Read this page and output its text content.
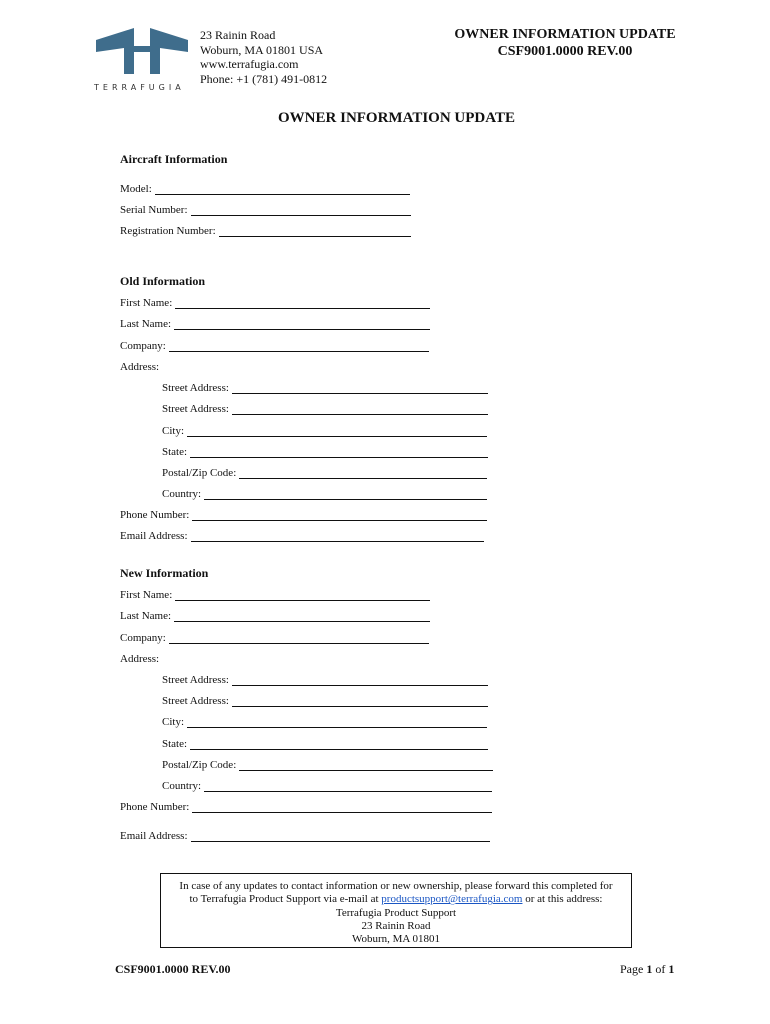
TERRAFUGIA
23 Rainin Road
Woburn, MA 01801 USA
www.terrafugia.com
Phone: +1 (781) 491-0812
OWNER INFORMATION UPDATE
CSF9001.0000 REV.00
OWNER INFORMATION UPDATE
Aircraft Information
Model:
Serial Number:
Registration Number:
Old Information
First Name:
Last Name:
Company:
Address:
Street Address:
Street Address:
City:
State:
Postal/Zip Code:
Country:
Phone Number:
Email Address:
New Information
First Name:
Last Name:
Company:
Address:
Street Address:
Street Address:
City:
State:
Postal/Zip Code:
Country:
Phone Number:
Email Address:
In case of any updates to contact information or new ownership, please forward this completed for
to Terrafugia Product Support via e-mail at productsupport@terrafugia.com or at this address:
Terrafugia Product Support
23 Rainin Road
Woburn, MA 01801
CSF9001.0000 REV.00	Page 1 of 1
